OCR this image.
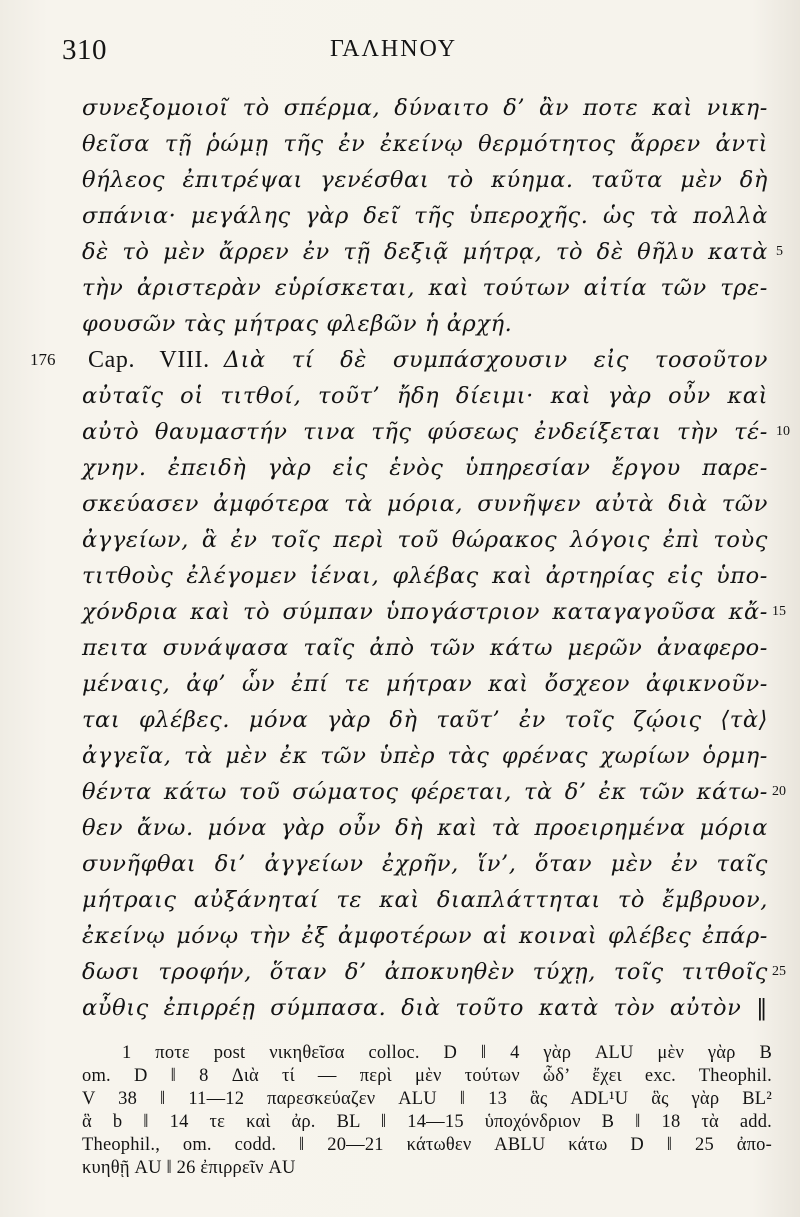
310	ΓΑΛΗΝΟΥ
συνεξομοιοῖ τὸ σπέρμα, δύναιτο δ’ ἂν ποτε καὶ νικη-
θεῖσα τῇ ῥώμῃ τῆς ἐν ἐκείνῳ θερμότητος ἄρρεν ἀντὶ
θήλεος ἐπιτρέψαι γενέσθαι τὸ κύημα. ταῦτα μὲν δὴ
σπάνια· μεγάλης γὰρ δεῖ τῆς ὑπεροχῆς. ὡς τὰ πολλὰ
δὲ τὸ μὲν ἄρρεν ἐν τῇ δεξιᾷ μήτρᾳ, τὸ δὲ θῆλυ κατὰ
τὴν ἀριστερὰν εὑρίσκεται, καὶ τούτων αἰτία τῶν τρε-
φουσῶν τὰς μήτρας φλεβῶν ἡ ἀρχή.
Cap. VIII. Διὰ τί δὲ συμπάσχουσιν εἰς τοσοῦτον
αὐταῖς οἱ τιτθοί, τοῦτ’ ἤδη δίειμι· καὶ γὰρ οὖν καὶ
αὐτὸ θαυμαστήν τινα τῆς φύσεως ἐνδείξεται τὴν τέ-
χνην. ἐπειδὴ γὰρ εἰς ἑνὸς ὑπηρεσίαν ἔργου παρε-
σκεύασεν ἀμφότερα τὰ μόρια, συνῆψεν αὐτὰ διὰ τῶν
ἀγγείων, ἃ ἐν τοῖς περὶ τοῦ θώρακος λόγοις ἐπὶ τοὺς
τιτθοὺς ἐλέγομεν ἰέναι, φλέβας καὶ ἀρτηρίας εἰς ὑπο-
χόνδρια καὶ τὸ σύμπαν ὑπογάστριον καταγαγοῦσα κἄ-
πειτα συνάψασα ταῖς ἀπὸ τῶν κάτω μερῶν ἀναφερο-
μέναις, ἀφ’ ὧν ἐπί τε μήτραν καὶ ὄσχεον ἀφικνοῦν-
ται φλέβες. μόνα γὰρ δὴ ταῦτ’ ἐν τοῖς ζῴοις ⟨τὰ⟩
ἀγγεῖα, τὰ μὲν ἐκ τῶν ὑπὲρ τὰς φρένας χωρίων ὁρμη-
θέντα κάτω τοῦ σώματος φέρεται, τὰ δ’ ἐκ τῶν κάτω-
θεν ἄνω. μόνα γὰρ οὖν δὴ καὶ τὰ προειρημένα μόρια
συνῆφθαι δι’ ἀγγείων ἐχρῆν, ἵν’, ὅταν μὲν ἐν ταῖς
μήτραις αὐξάνηταί τε καὶ διαπλάττηται τὸ ἔμβρυον,
ἐκείνῳ μόνῳ τὴν ἐξ ἀμφοτέρων αἱ κοιναὶ φλέβες ἐπάρ-
δωσι τροφήν, ὅταν δ’ ἀποκυηθὲν τύχῃ, τοῖς τιτθοῖς
αὖθις ἐπιρρέῃ σύμπασα. διὰ τοῦτο κατὰ τὸν αὐτὸν ‖
176
5
10
15
20
25
1 ποτε post νικηθεῖσα colloc. D ‖ 4 γὰρ ALU μὲν γὰρ B
om. D ‖ 8 Διὰ τί — περὶ μὲν τούτων ὧδ’ ἔχει exc. Theophil.
V 38 ‖ 11—12 παρεσκεύαζεν ALU ‖ 13 ἃς ADL¹U ἃς γὰρ BL²
ἃ b ‖ 14 τε καὶ ἀρ. BL ‖ 14—15 ὑποχόνδριον B ‖ 18 τὰ add.
Theophil., om. codd. ‖ 20—21 κάτωθεν ABLU κάτω D ‖ 25 ἀπο-
κυηθῇ AU ‖ 26 ἐπιρρεῖν AU
